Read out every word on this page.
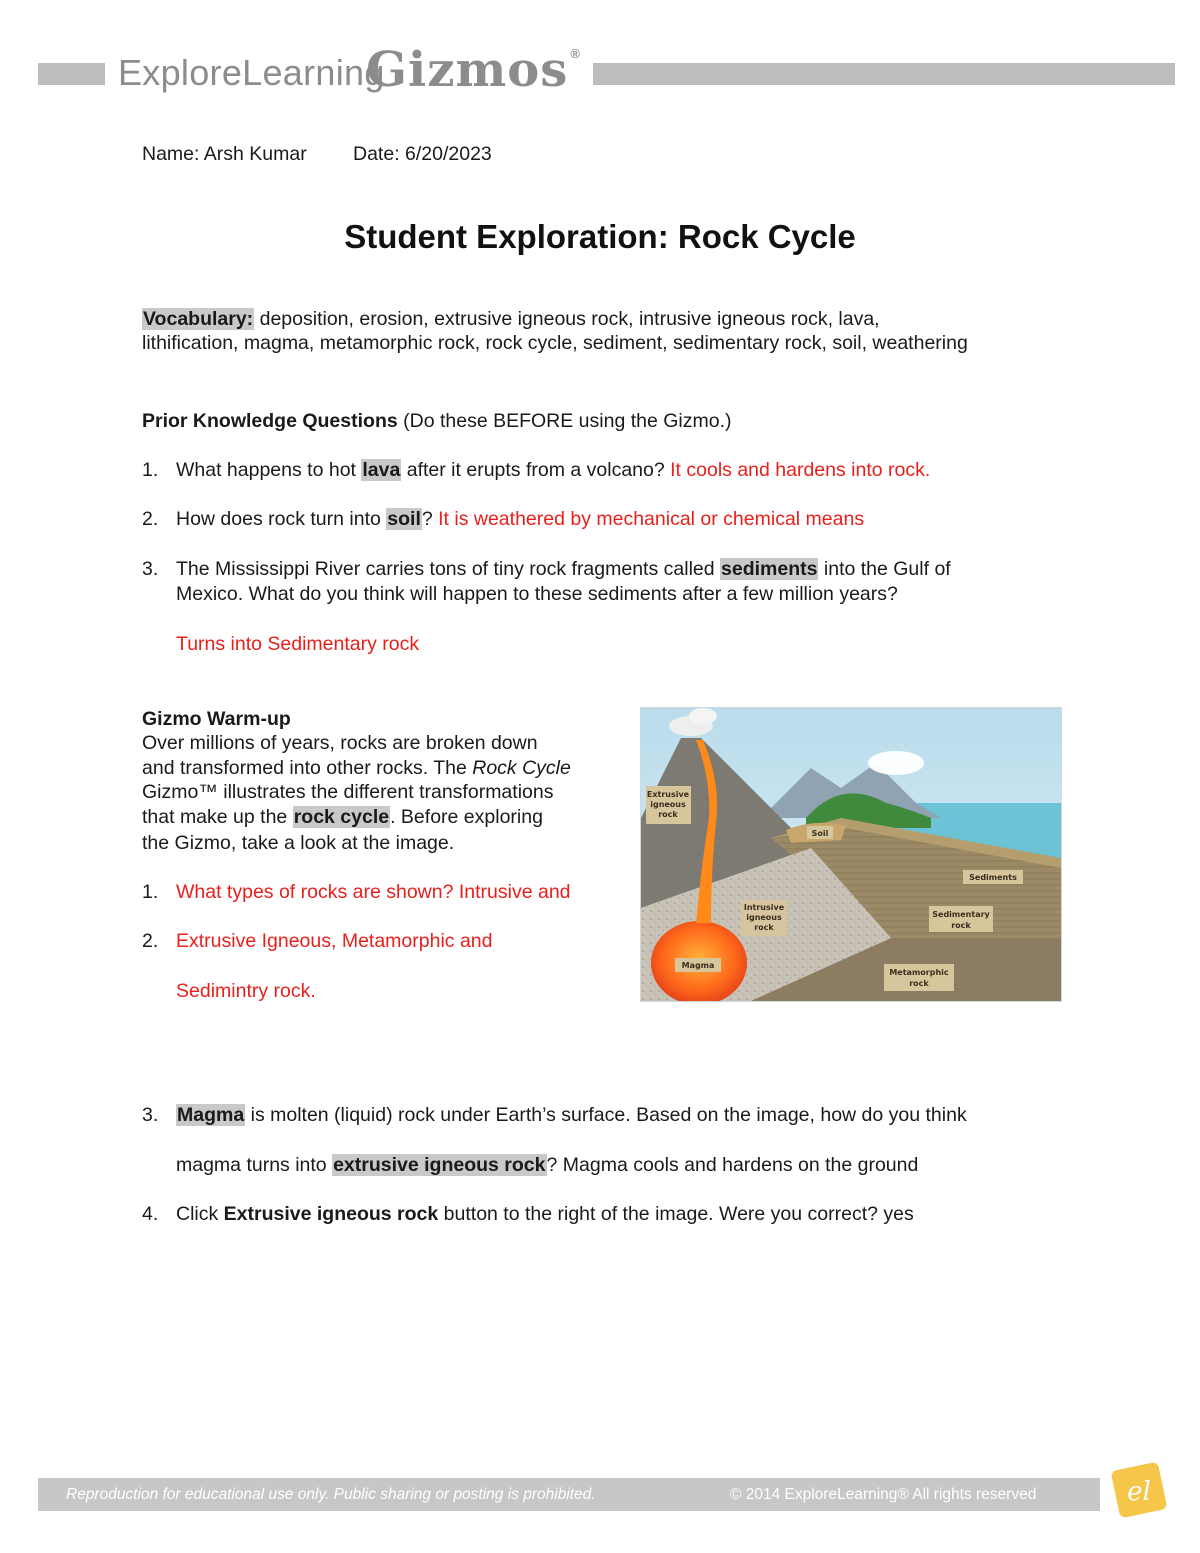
ExploreLearning
Gizmos ®
Name: Arsh Kumar Date: 6/20/2023
Student Exploration: Rock Cycle
Vocabulary: deposition, erosion, extrusive igneous rock, intrusive igneous rock, lava,
lithification, magma, metamorphic rock, rock cycle, sediment, sedimentary rock, soil, weathering
Prior Knowledge Questions (Do these BEFORE using the Gizmo.)
1. What happens to hot lava after it erupts from a volcano? It cools and hardens into rock.
2. How does rock turn into soil? It is weathered by mechanical or chemical means
3. The Mississippi River carries tons of tiny rock fragments called sediments into the Gulf of
Mexico. What do you think will happen to these sediments after a few million years?
Turns into Sedimentary rock
Gizmo Warm-up
Over millions of years, rocks are broken down
and transformed into other rocks. The Rock Cycle
Gizmo™ illustrates the different transformations
that make up the rock cycle. Before exploring
the Gizmo, take a look at the image.
1. What types of rocks are shown? Intrusive and
2. Extrusive Igneous, Metamorphic and
Sedimintry rock.
Extrusive
igneous
rock
Soil
Sediments
Sedimentary
rock
Intrusive
igneous
rock
Magma
Metamorphic
rock
3. Magma is molten (liquid) rock under Earth’s surface. Based on the image, how do you think
magma turns into extrusive igneous rock? Magma cools and hardens on the ground
4. Click Extrusive igneous rock button to the right of the image. Were you correct? yes
Reproduction for educational use only. Public sharing or posting is prohibited.	© 2014 ExploreLearning® All rights reserved	el
